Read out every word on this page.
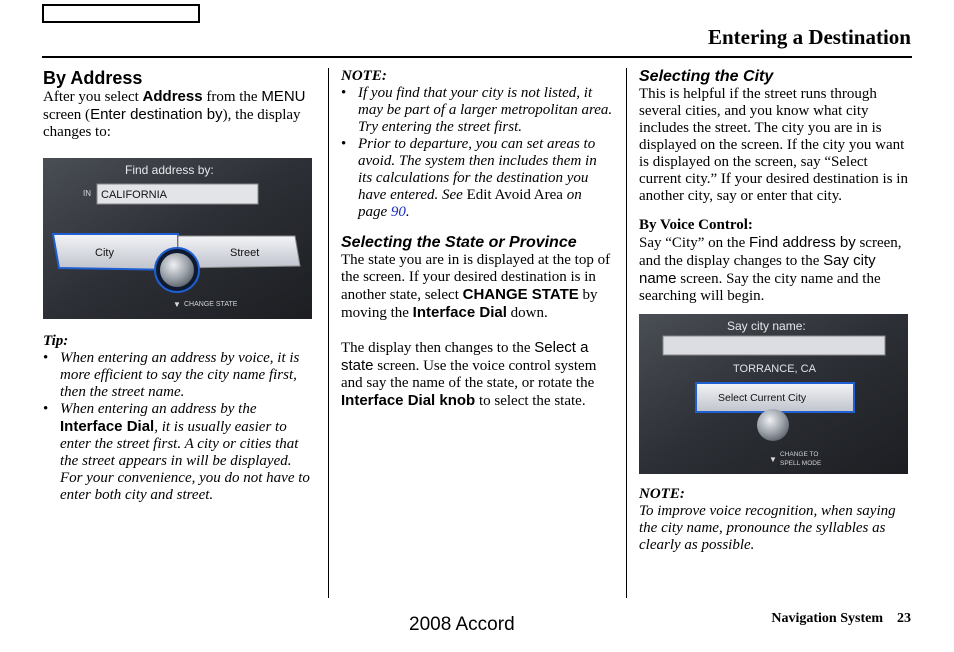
Entering a Destination

By Address

After you select Address from the MENU screen (Enter destination by), the display changes to:

Find address by:
IN CALIFORNIA
City	Street
▼ CHANGE STATE

Tip:

• When entering an address by voice, it is more efficient to say the city name first, then the street name.
• When entering an address by the Interface Dial, it is usually easier to enter the street first. A city or cities that the street appears in will be displayed. For your convenience, you do not have to enter both city and street.

NOTE:

• If you find that your city is not listed, it may be part of a larger metropolitan area. Try entering the street first.
• Prior to departure, you can set areas to avoid. The system then includes them in its calculations for the destination you have entered. See Edit Avoid Area on page 90.

Selecting the State or Province

The state you are in is displayed at the top of the screen. If your desired destination is in another state, select CHANGE STATE by moving the Interface Dial down.

The display then changes to the Select a state screen. Use the voice control system and say the name of the state, or rotate the Interface Dial knob to select the state.

Selecting the City

This is helpful if the street runs through several cities, and you know what city includes the street. The city you are in is displayed on the screen. If the city you want is displayed on the screen, say “Select current city.” If your desired destination is in another city, say or enter that city.

By Voice Control:

Say “City” on the Find address by screen, and the display changes to the Say city name screen. Say the city name and the searching will begin.

Say city name:
TORRANCE, CA
Select Current City
▼
CHANGE TO
SPELL MODE

NOTE:

To improve voice recognition, when saying the city name, pronounce the syllables as clearly as possible.

2008 Accord	Navigation System 23
